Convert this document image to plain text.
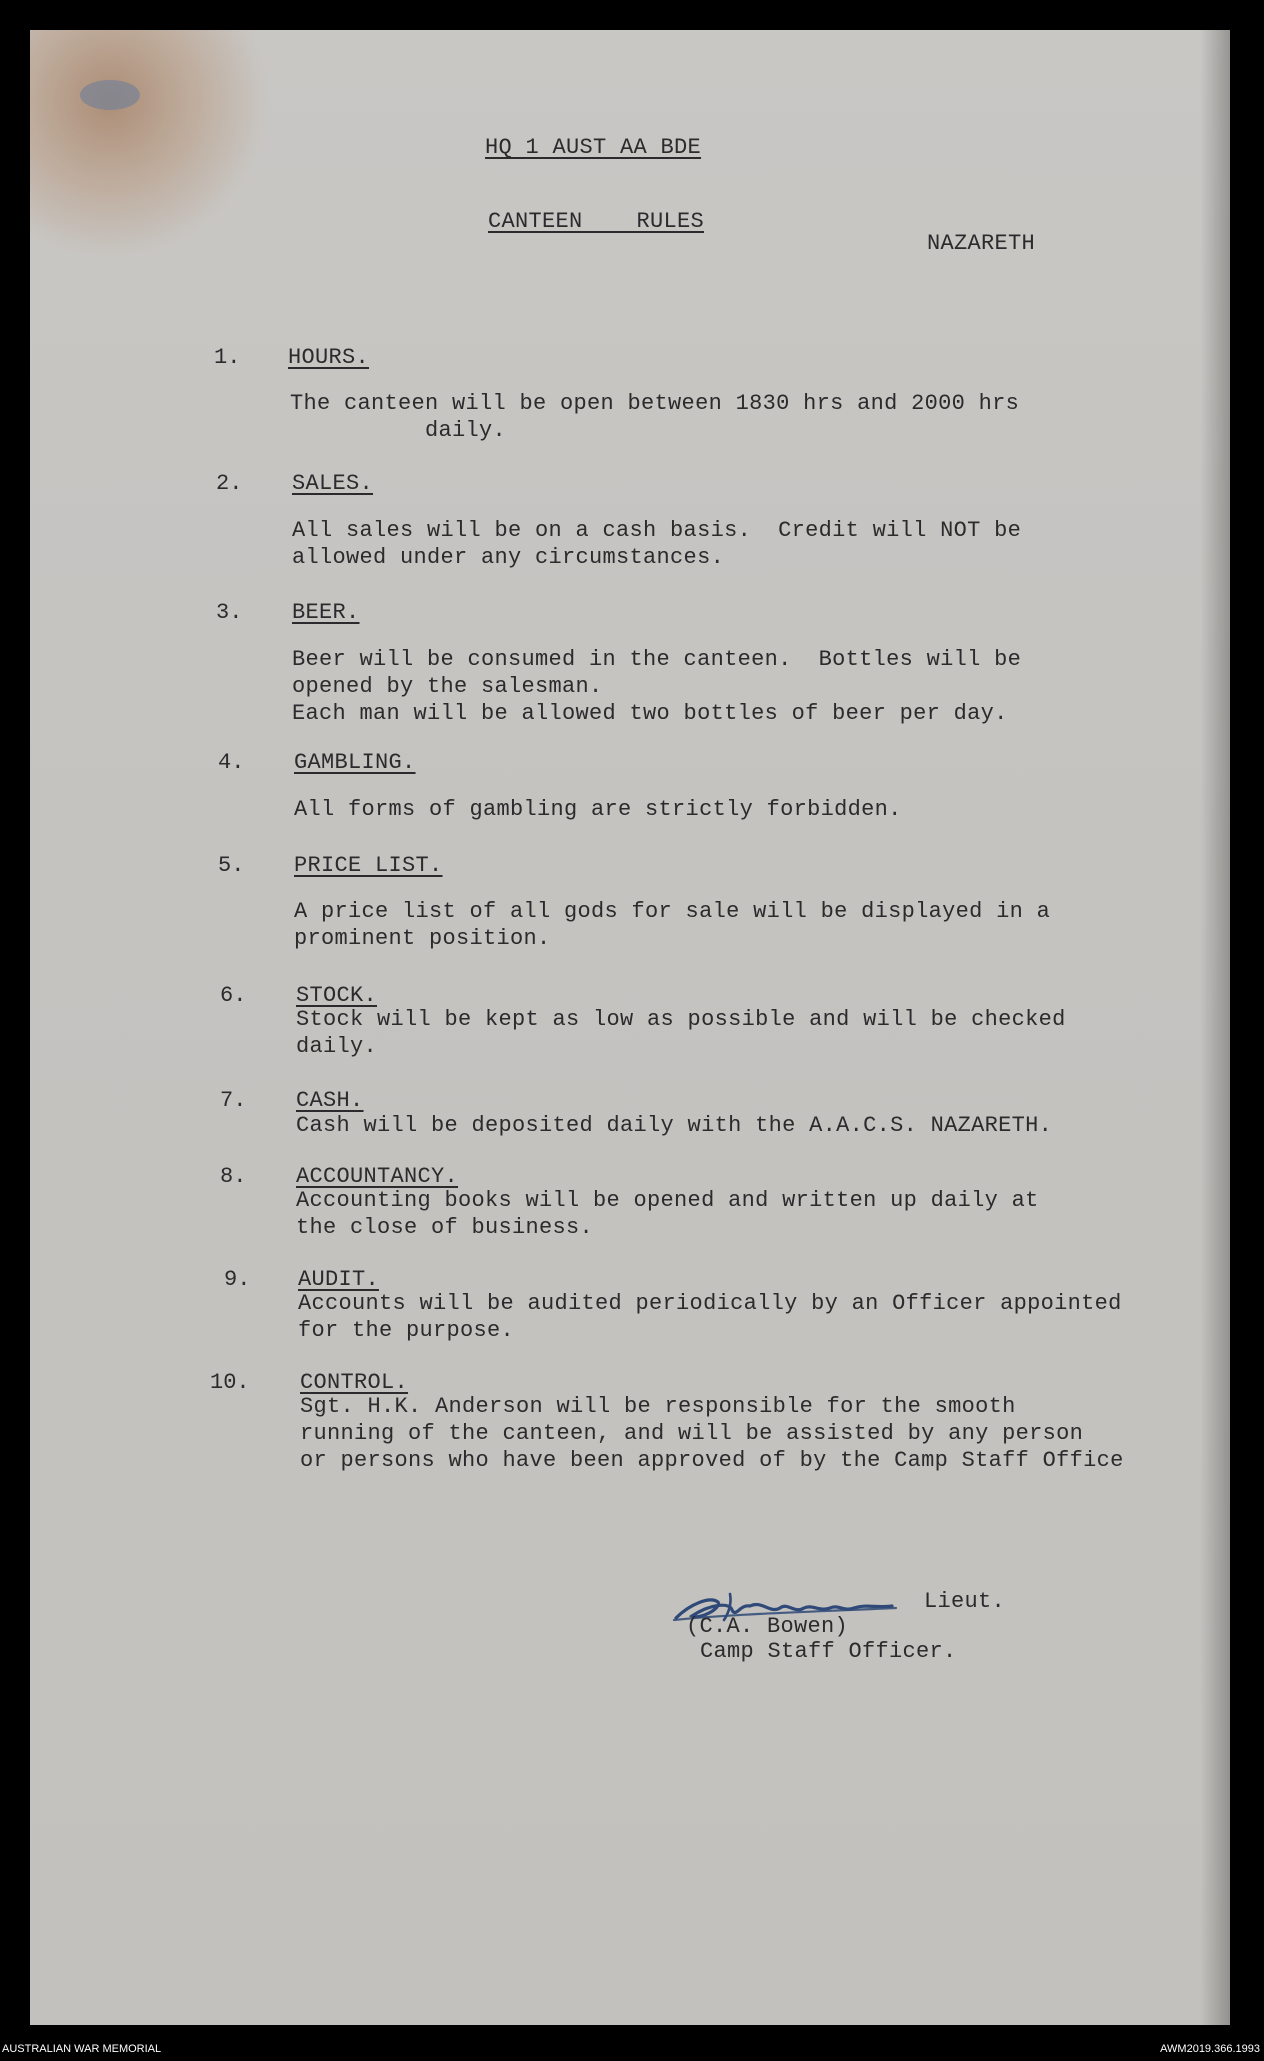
HQ 1 AUST AA BDE
CANTEEN    RULES
NAZARETH
1. HOURS.
The canteen will be open between 1830 hrs and 2000 hrs
daily.
2. SALES.
All sales will be on a cash basis.  Credit will NOT be
allowed under any circumstances.
3. BEER.
Beer will be consumed in the canteen.  Bottles will be
opened by the salesman.
Each man will be allowed two bottles of beer per day.
4. GAMBLING.
All forms of gambling are strictly forbidden.
5. PRICE LIST.
A price list of all gods for sale will be displayed in a
prominent position.
6. STOCK.
Stock will be kept as low as possible and will be checked
daily.
7. CASH.
Cash will be deposited daily with the A.A.C.S. NAZARETH.
8. ACCOUNTANCY.
Accounting books will be opened and written up daily at
the close of business.
9. AUDIT.
Accounts will be audited periodically by an Officer appointed
for the purpose.
10. CONTROL.
Sgt. H.K. Anderson will be responsible for the smooth
running of the canteen, and will be assisted by any person
or persons who have been approved of by the Camp Staff Office
Lieut.
(C.A. Bowen)
Camp Staff Officer.
AUSTRALIAN WAR MEMORIAL	AWM2019.366.1993
